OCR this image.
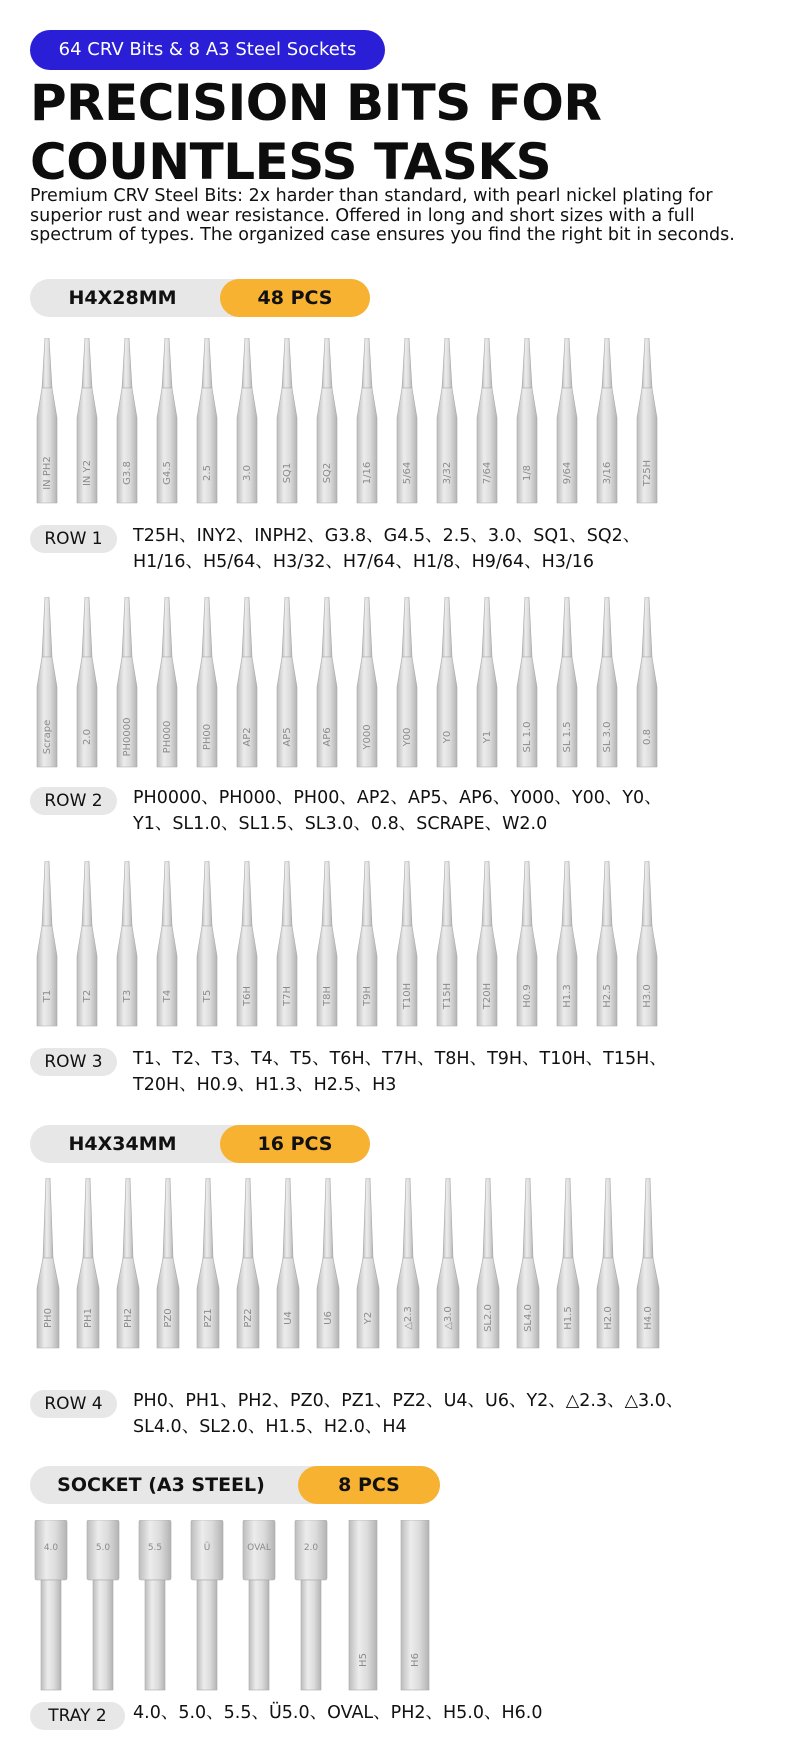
64 CRV Bits & 8 A3 Steel Sockets
PRECISION BITS FOR
COUNTLESS TASKS
Premium CRV Steel Bits: 2x harder than standard, with pearl nickel plating for superior rust and wear resistance. Offered in long and short sizes with a full spectrum of types. The organized case ensures you find the right bit in seconds.
H4X28MM	48 PCS
IN PH2	IN Y2	G3.8	G4.5	2.5	3.0	SQ1	SQ2	1/16	5/64	3/32	7/64	1/8	9/64	3/16	T25H
ROW 1	T25H、INY2、INPH2、G3.8、G4.5、2.5、3.0、SQ1、SQ2、
H1/16、H5/64、H3/32、H7/64、H1/8、H9/64、H3/16
Scrape	2.0	PH0000	PH000	PH00	AP2	AP5	AP6	Y000	Y00	Y0	Y1	SL 1.0	SL 1.5	SL 3.0	0.8
ROW 2	PH0000、PH000、PH00、AP2、AP5、AP6、Y000、Y00、Y0、
Y1、SL1.0、SL1.5、SL3.0、0.8、SCRAPE、W2.0
T1	T2	T3	T4	T5	T6H	T7H	T8H	T9H	T10H	T15H	T20H	H0.9	H1.3	H2.5	H3.0
ROW 3	T1、T2、T3、T4、T5、T6H、T7H、T8H、T9H、T10H、T15H、
T20H、H0.9、H1.3、H2.5、H3
H4X34MM	16 PCS
PH0	PH1	PH2	PZ0	PZ1	PZ2	U4	U6	Y2	△2.3	△3.0	SL2.0	SL4.0	H1.5	H2.0	H4.0
ROW 4	PH0、PH1、PH2、PZ0、PZ1、PZ2、U4、U6、Y2、△2.3、△3.0、
SL4.0、SL2.0、H1.5、H2.0、H4
SOCKET (A3 STEEL)	8 PCS
4.0	5.0	5.5	Ü	OVAL	2.0
H5	H6
TRAY 2	4.0、5.0、5.5、Ü5.0、OVAL、PH2、H5.0、H6.0
